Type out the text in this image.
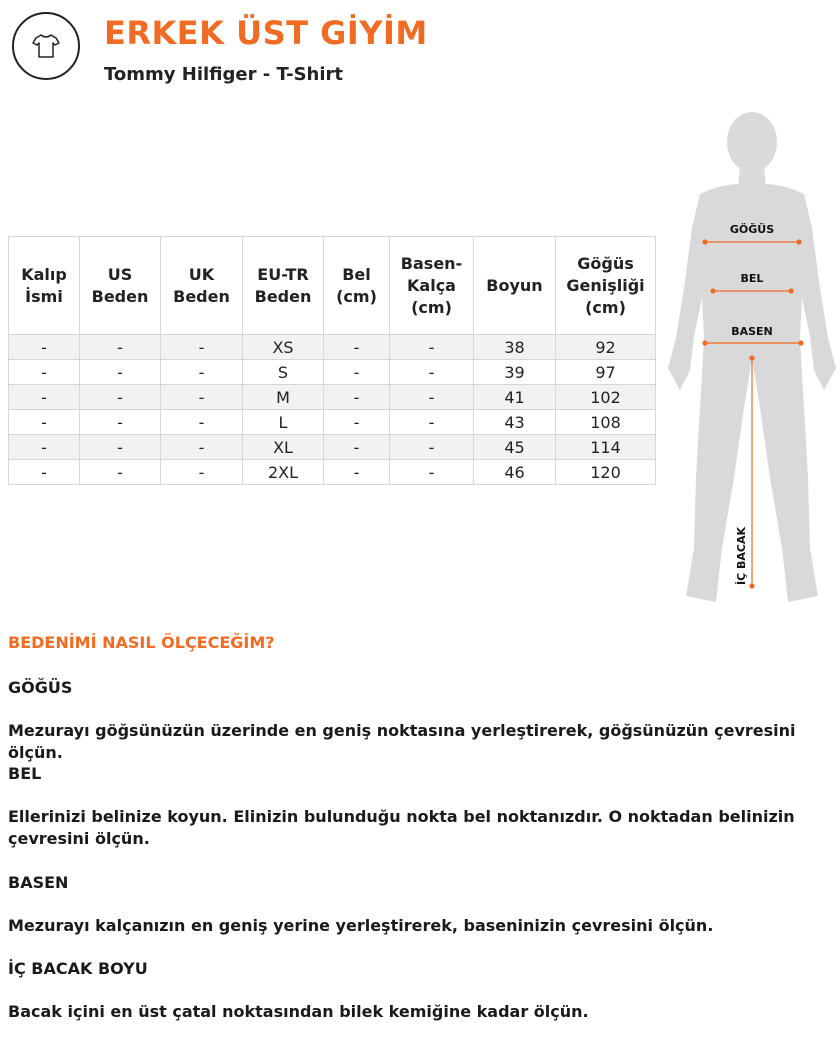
ERKEK ÜST GİYİM
Tommy Hilfiger - T-Shirt
Kalıp İsmi	US Beden	UK Beden	EU-TR Beden	Bel (cm)	Basen-Kalça (cm)	Boyun	Göğüs Genişliği (cm)
-	-	-	XS	-	-	38	92
-	-	-	S	-	-	39	97
-	-	-	M	-	-	41	102
-	-	-	L	-	-	43	108
-	-	-	XL	-	-	45	114
-	-	-	2XL	-	-	46	120
GÖĞÜS
BEL
BASEN
İÇ BACAK

BEDENİMİ NASIL ÖLÇECEĞİM?

GÖĞÜS

Mezurayı göğsünüzün üzerinde en geniş noktasına yerleştirerek, göğsünüzün çevresini ölçün.

BEL

Ellerinizi belinize koyun. Elinizin bulunduğu nokta bel noktanızdır. O noktadan belinizin çevresini ölçün.

BASEN

Mezurayı kalçanızın en geniş yerine yerleştirerek, baseninizin çevresini ölçün.

İÇ BACAK BOYU

Bacak içini en üst çatal noktasından bilek kemiğine kadar ölçün.
